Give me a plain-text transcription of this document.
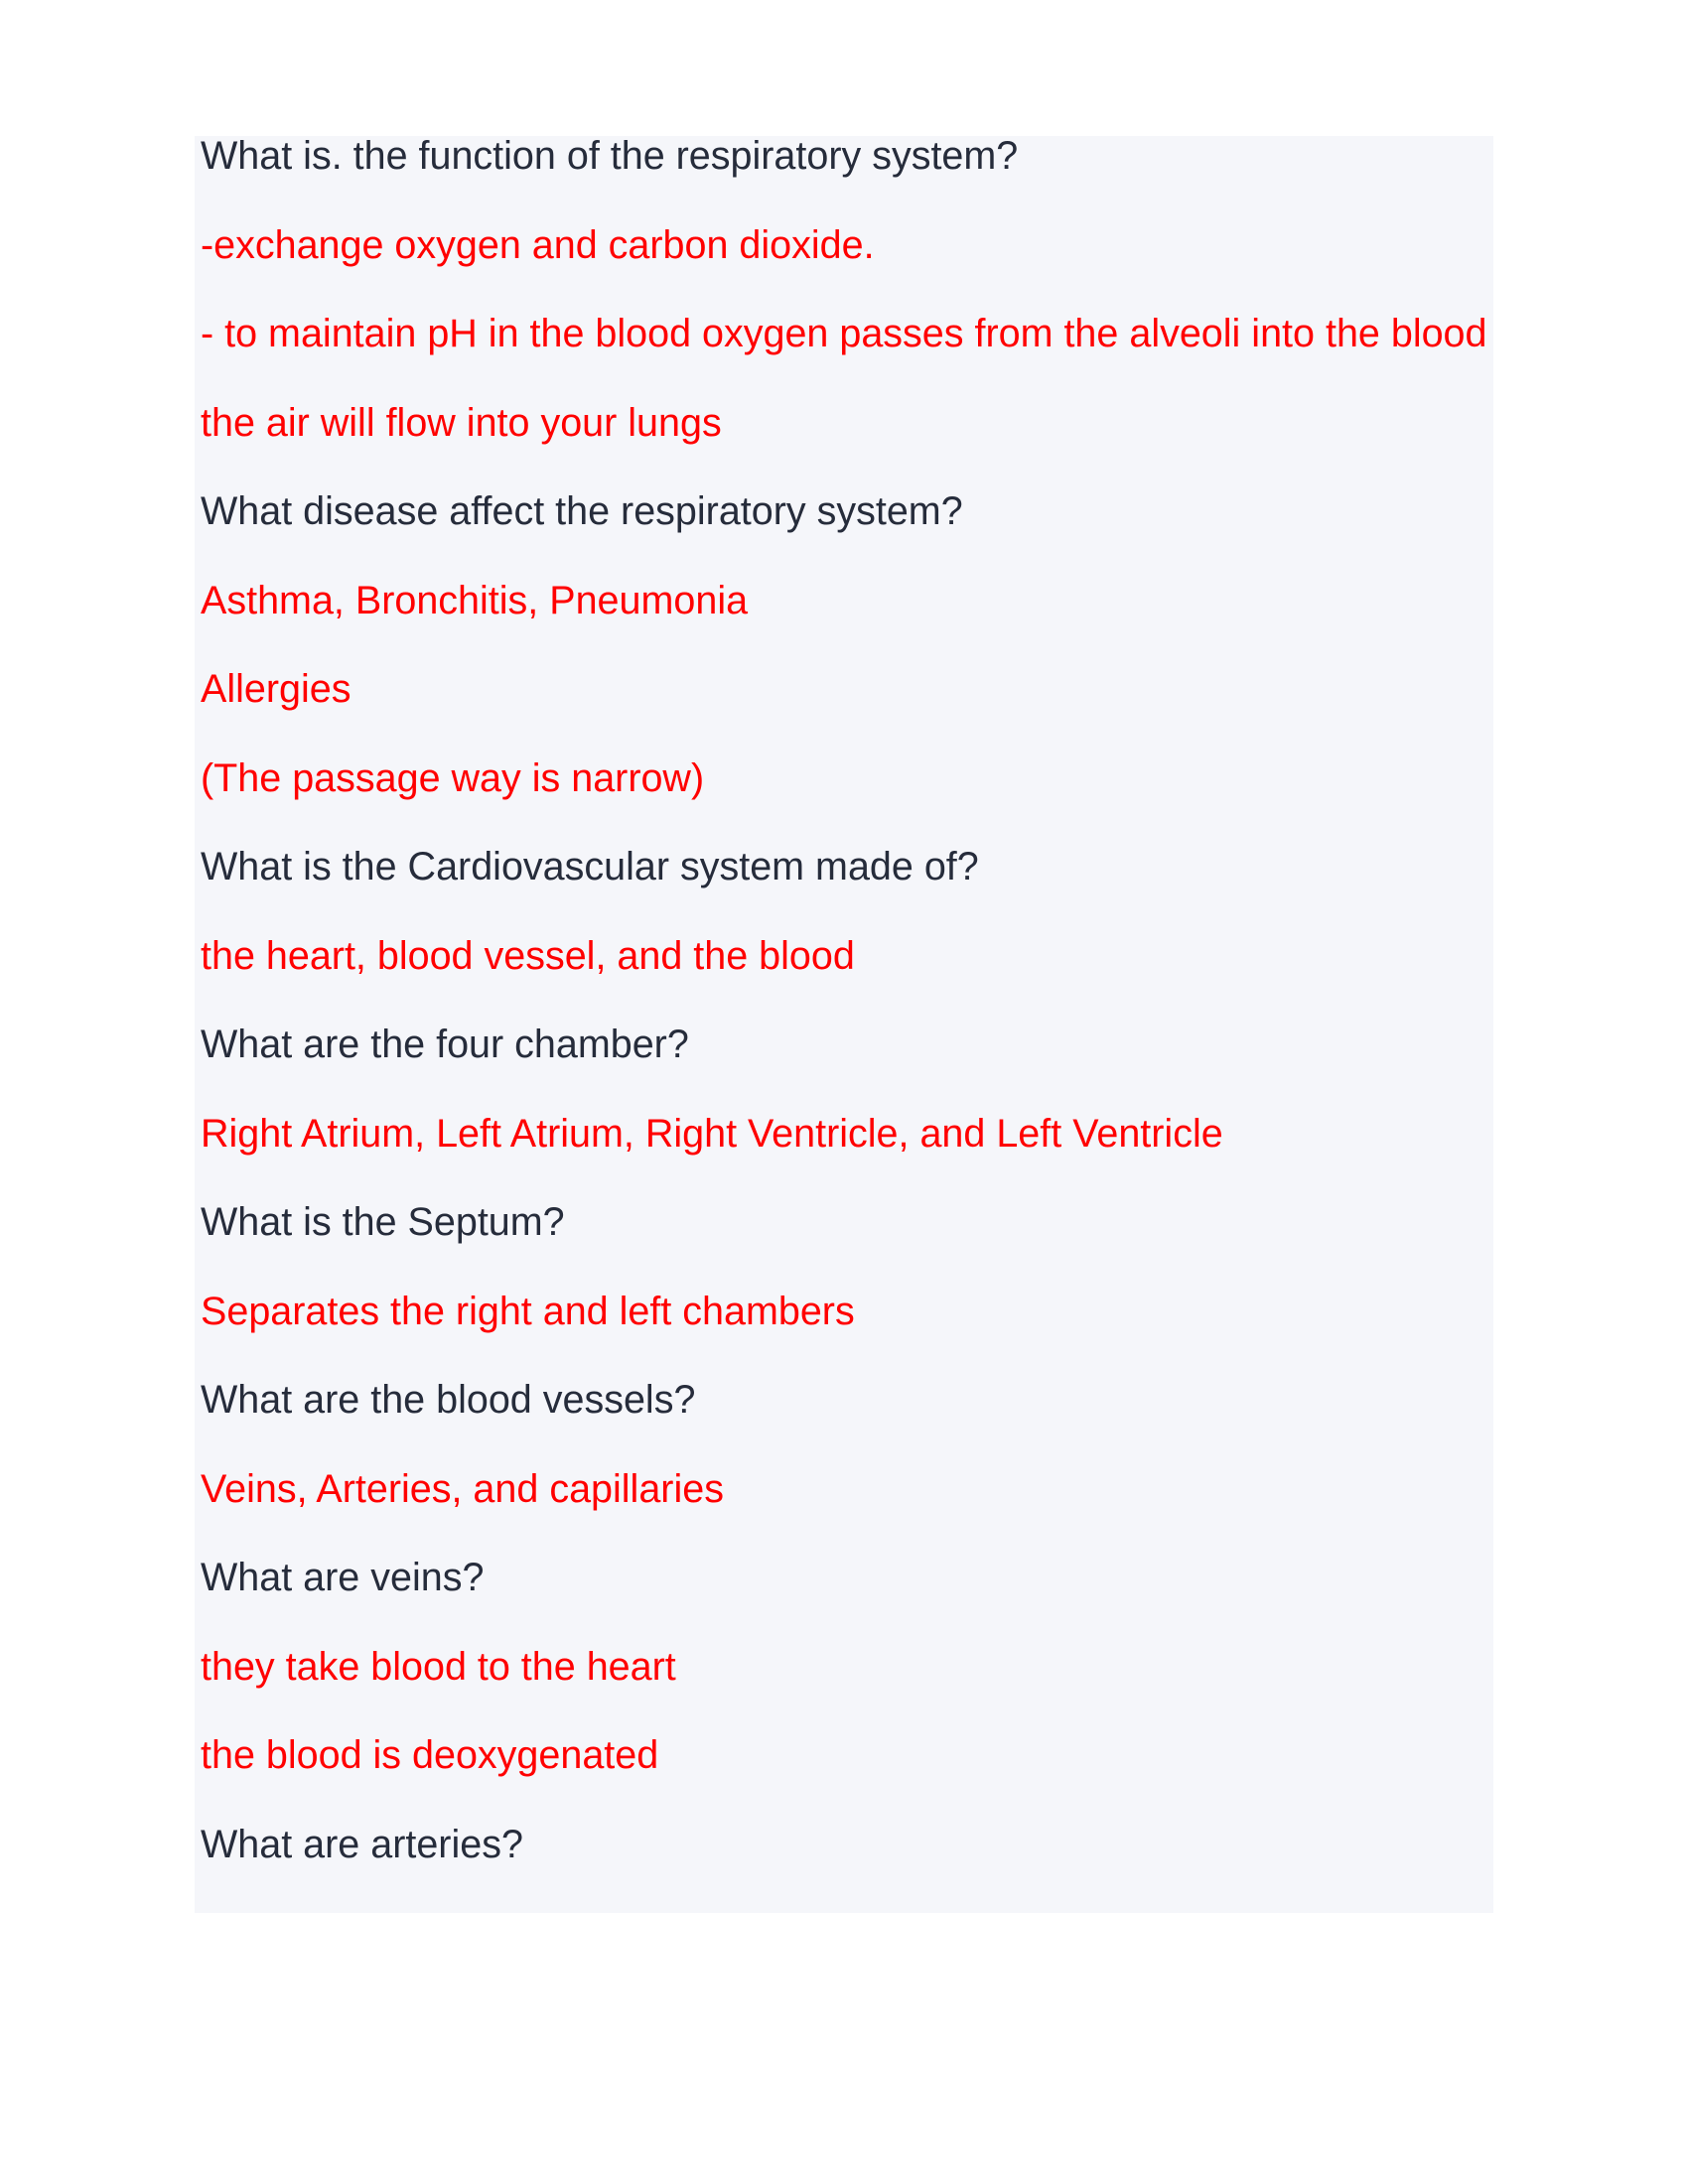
What is. the function of the respiratory system?
-exchange oxygen and carbon dioxide.
- to maintain pH in the blood oxygen passes from the alveoli into the blood
the air will flow into your lungs
What disease affect the respiratory system?
Asthma, Bronchitis, Pneumonia
Allergies
(The passage way is narrow)
What is the Cardiovascular system made of?
the heart, blood vessel, and the blood
What are the four chamber?
Right Atrium, Left Atrium, Right Ventricle, and Left Ventricle
What is the Septum?
Separates the right and left chambers
What are the blood vessels?
Veins, Arteries, and capillaries
What are veins?
they take blood to the heart
the blood is deoxygenated
What are arteries?
